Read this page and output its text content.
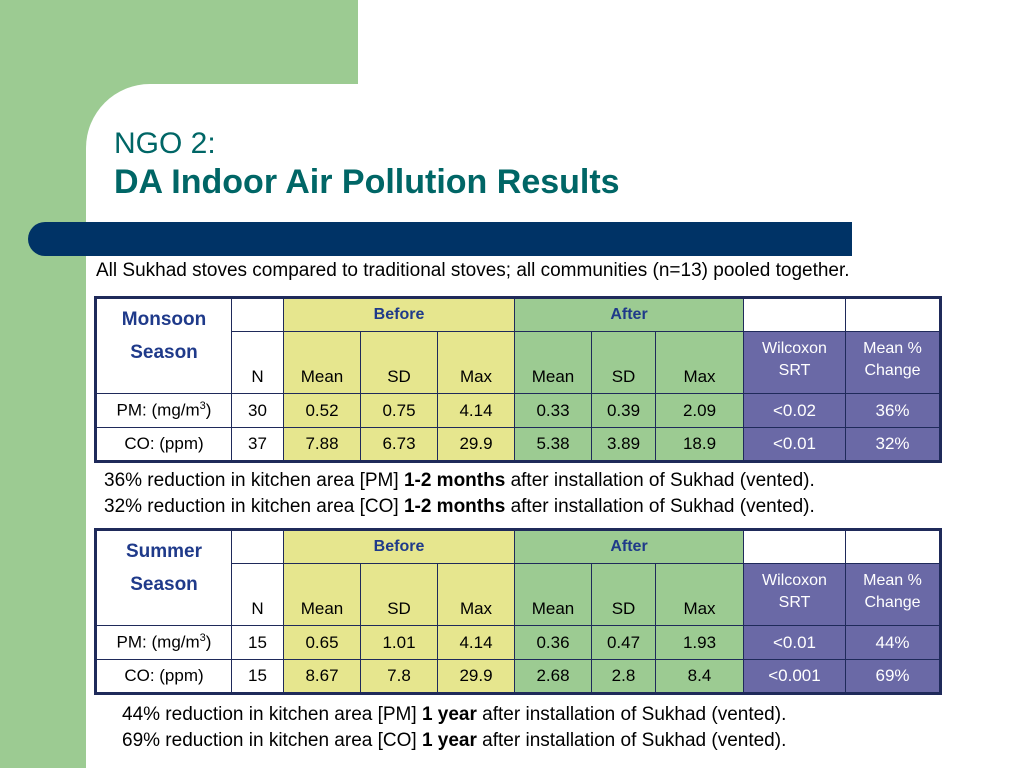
NGO 2:
DA Indoor Air Pollution Results
All Sukhad stoves compared to traditional stoves; all communities (n=13) pooled together.
Monsoon
Season		Before			After				
	N	Mean	SD	Max	Mean	SD	Max	Wilcoxon SRT	Mean % Change
PM: $(mg/m^3)$	30	0.52	0.75	4.14	0.33	0.39	2.09	<0.02	36%
CO: (ppm)	37	7.88	6.73	29.9	5.38	3.89	18.9	<0.01	32%
36% reduction in kitchen area [PM] 1-2 months after installation of Sukhad (vented).
32% reduction in kitchen area [CO] 1-2 months after installation of Sukhad (vented).
Summer
Season		Before			After				
	N	Mean	SD	Max	Mean	SD	Max	Wilcoxon SRT	Mean % Change
PM: $(mg/m^3)$	15	0.65	1.01	4.14	0.36	0.47	1.93	<0.01	44%
CO: (ppm)	15	8.67	7.8	29.9	2.68	2.8	8.4	<0.001	69%
44% reduction in kitchen area [PM] 1 year after installation of Sukhad (vented).
69% reduction in kitchen area [CO] 1 year after installation of Sukhad (vented).
